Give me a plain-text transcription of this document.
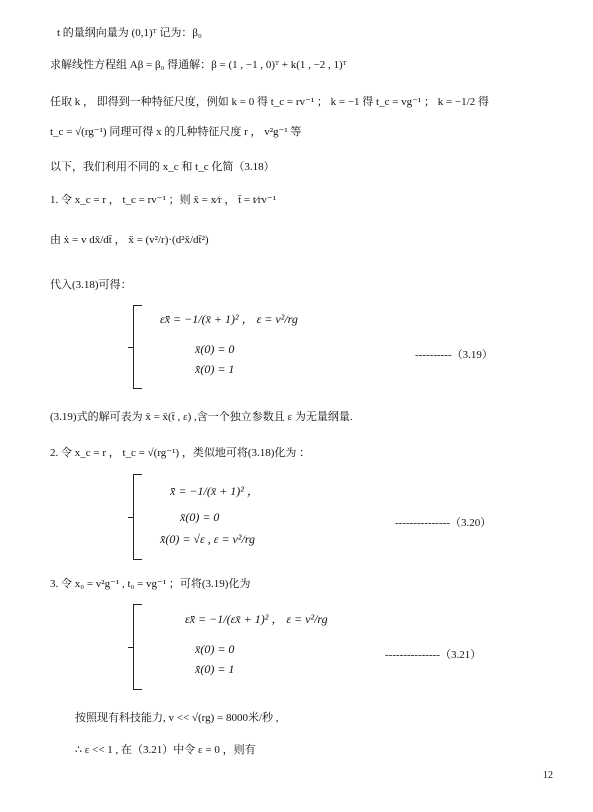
t 的量纲向量为 (0,1)ᵀ 记为：β₀
求解线性方程组 Aβ = β₀ 得通解：β = (1 , −1 , 0)ᵀ + k(1 , −2 , 1)ᵀ
任取 k ， 即得到一种特征尺度，例如 k = 0 得 t_c = rv⁻¹ ； k = −1 得 t_c = vg⁻¹ ； k = −1/2 得
t_c = √(rg⁻¹) 同理可得 x 的几种特征尺度 r ， v²g⁻¹ 等
以下，我们利用不同的 x_c 和 t_c 化简（3.18）
1. 令 x_c = r ， t_c = rv⁻¹ ；则 x̄ = x⁄r ， t̄ = t⁄rv⁻¹
由 ẋ = v dx̄/dt̄ ， ẍ = (v²/r)·(d²x̄/dt̄²)
代入(3.18)可得：
εx̄̈ = −1/(x̄ + 1)² ， ε = v²/rg
x̄(0) = 0
x̄̇(0) = 1
----------（3.19）
(3.19)式的解可表为 x̄ = x̄(t̄ , ε) ,含一个独立参数且 ε 为无量纲量.
2. 令 x_c = r ， t_c = √(rg⁻¹) ，类似地可将(3.18)化为 ：
x̄̈ = −1/(x̄ + 1)² ，
x̄(0) = 0
x̄̇(0) = √ε , ε = v²/rg
---------------（3.20）
3. 令 x₀ = v²g⁻¹ , t₀ = vg⁻¹ ；可将(3.19)化为
εx̄̈ = −1/(εx̄ + 1)² ， ε = v²/rg
x̄(0) = 0
x̄̇(0) = 1
---------------（3.21）
按照现有科技能力, v << √(rg) = 8000米/秒 ,
∴ ε << 1 , 在（3.21）中令 ε = 0 ，则有
12
